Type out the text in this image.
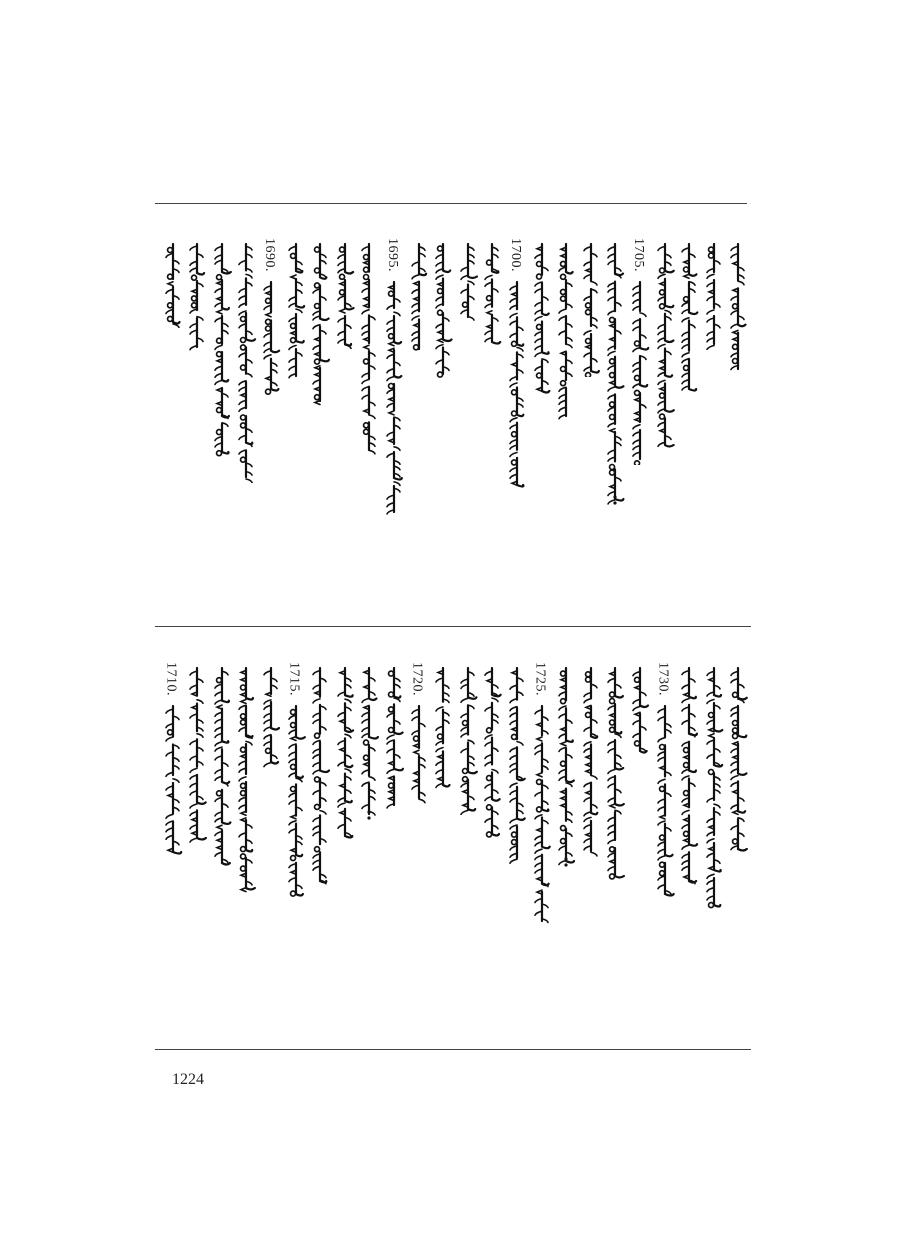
1705.
1700.
1695.
1690.
1730.
1725.
1720.
1715.
1710.
1224
